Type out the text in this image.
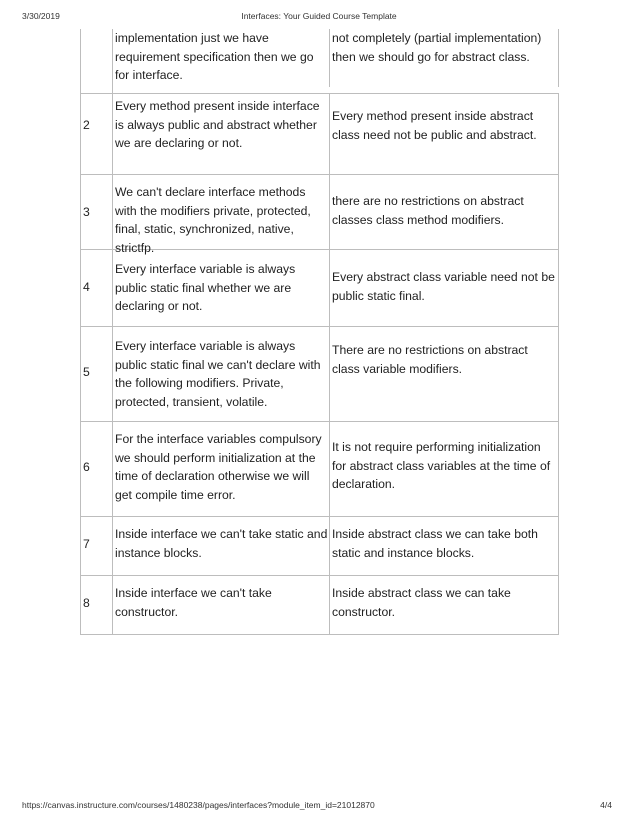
3/30/2019	Interfaces: Your Guided Course Template
implementation just we have requirement specification then we go for interface.
not completely (partial implementation) then we should go for abstract class.
2
Every method present inside interface is always public and abstract whether we are declaring or not.
Every method present inside abstract class need not be public and abstract.
3
We can't declare interface methods with the modifiers private, protected, final, static, synchronized, native, strictfp.
there are no restrictions on abstract classes class method modifiers.
4
Every interface variable is always public static final whether we are declaring or not.
Every abstract class variable need not be public static final.
5
Every interface variable is always public static final we can't declare with the following modifiers. Private, protected, transient, volatile.
There are no restrictions on abstract class variable modifiers.
6
For the interface variables compulsory we should perform initialization at the time of declaration otherwise we will get compile time error.
It is not require performing initialization for abstract class variables at the time of declaration.
7
Inside interface we can't take static and instance blocks.
Inside abstract class we can take both static and instance blocks.
8
Inside interface we can't take constructor.
Inside abstract class we can take constructor.
https://canvas.instructure.com/courses/1480238/pages/interfaces?module_item_id=21012870	4/4
